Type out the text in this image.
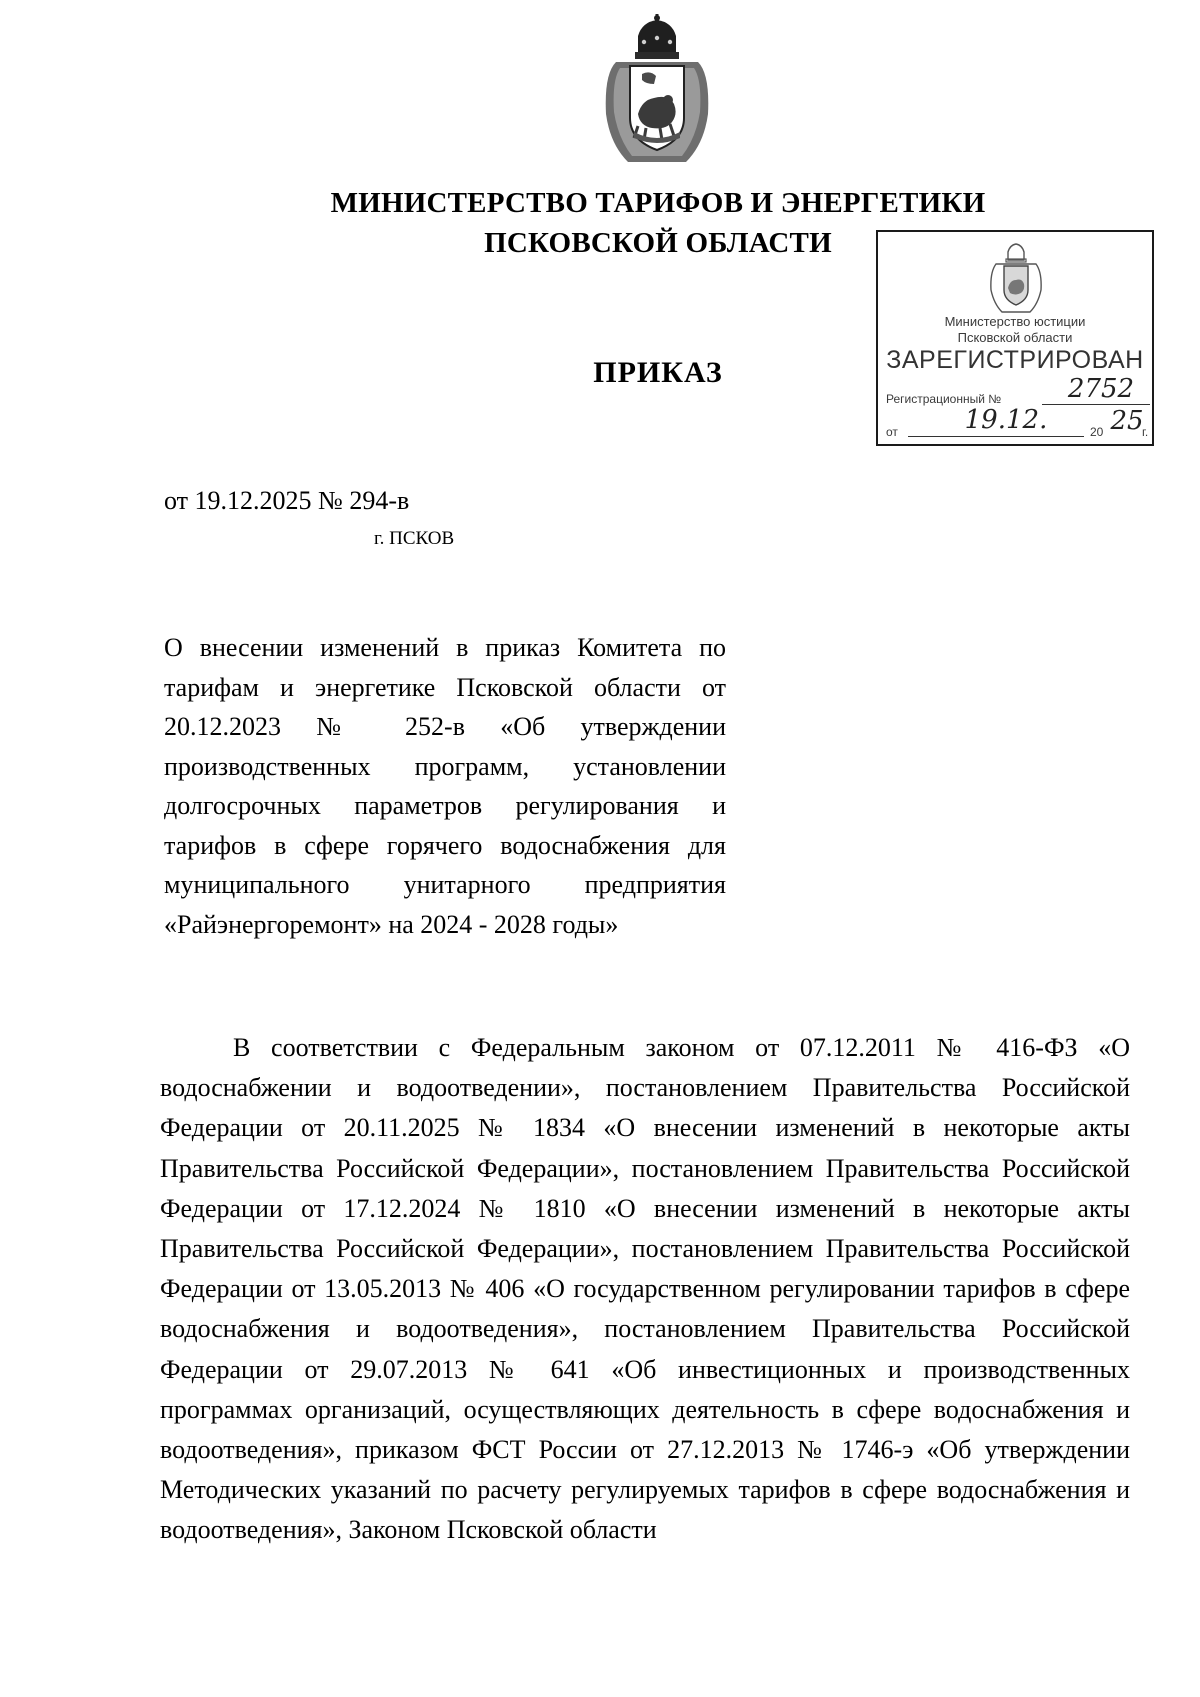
МИНИСТЕРСТВО ТАРИФОВ И ЭНЕРГЕТИКИ
ПСКОВСКОЙ ОБЛАСТИ
Министерство юстиции
Псковской области
ЗАРЕГИСТРИРОВАН
Регистрационный №	2752
от	19.12.	20 25
г.
ПРИКАЗ
от 19.12.2025 № 294-в
г. ПСКОВ
О внесении изменений в приказ Комитета по тарифам и энергетике Псковской области от 20.12.2023 № 252-в «Об утверждении производственных программ, установлении долгосрочных параметров регулирования и тарифов в сфере горячего водоснабжения для муниципального унитарного предприятия «Райэнергоремонт» на 2024 - 2028 годы»
В соответствии с Федеральным законом от 07.12.2011 № 416-ФЗ «О водоснабжении и водоотведении», постановлением Правительства Российской Федерации от 20.11.2025 № 1834 «О внесении изменений в некоторые акты Правительства Российской Федерации», постановлением Правительства Российской Федерации от 17.12.2024 № 1810 «О внесении изменений в некоторые акты Правительства Российской Федерации», постановлением Правительства Российской Федерации от 13.05.2013 № 406 «О государственном регулировании тарифов в сфере водоснабжения и водоотведения», постановлением Правительства Российской Федерации от 29.07.2013 № 641 «Об инвестиционных и производственных программах организаций, осуществляющих деятельность в сфере водоснабжения и водоотведения», приказом ФСТ России от 27.12.2013 № 1746-э «Об утверждении Методических указаний по расчету регулируемых тарифов в сфере водоснабжения и водоотведения», Законом Псковской области
